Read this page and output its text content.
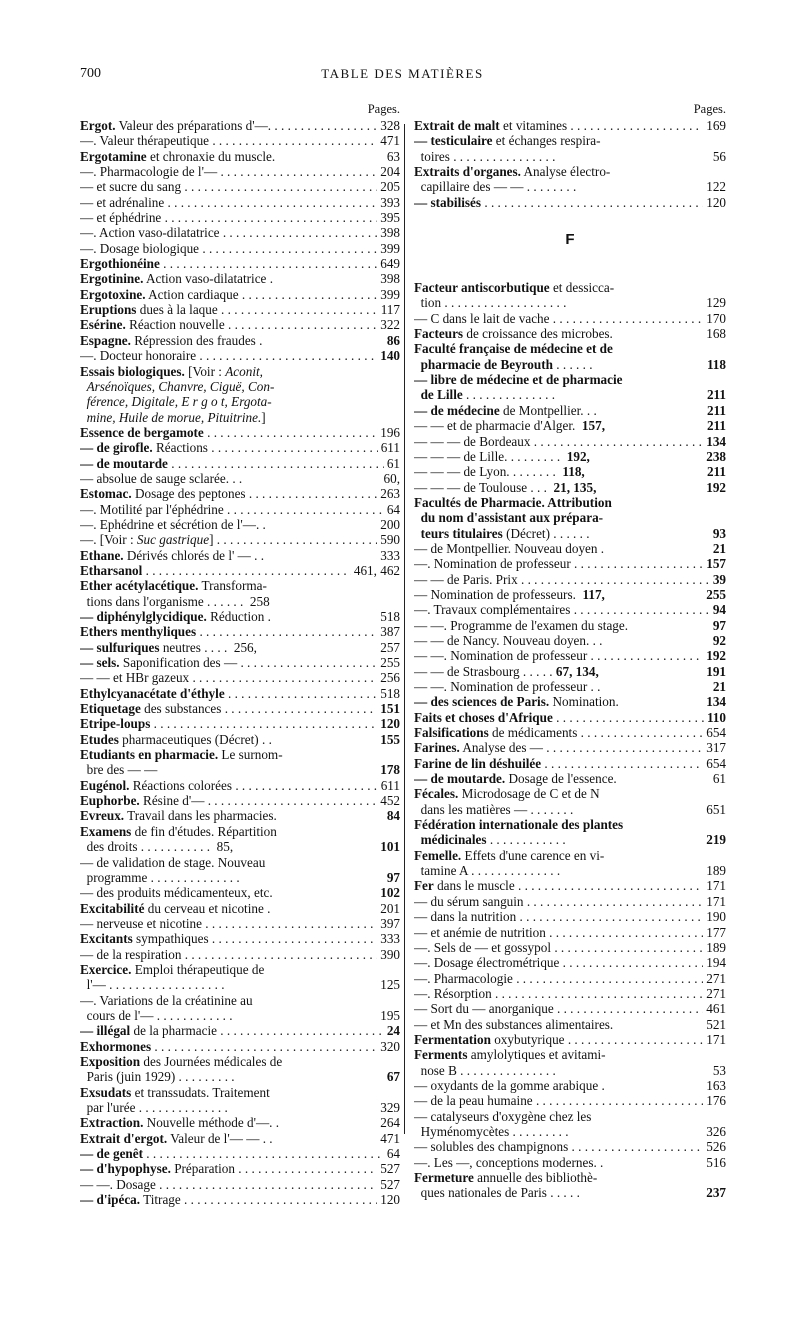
700	TABLE DES MATIÈRES
Pages.
Ergot. Valeur des préparations d'—. . . .	328
—. Valeur thérapeutique . . .	471
Ergotamine et chronaxie du muscle.	63
—. Pharmacologie de l'— . . .	204
— et sucre du sang . . .	205
— et adrénaline . . .	393
— et éphédrine . . .	395
—. Action vaso-dilatatrice . . .	398
—. Dosage biologique . . .	399
Ergothionéine . . .	649
Ergotinine. Action vaso-dilatatrice .	398
Ergotoxine. Action cardiaque . . .	399
Eruptions dues à la laque . . .	117
Esérine. Réaction nouvelle . . .	322
Espagne. Répression des fraudes .	86
—. Docteur honoraire . . .	140
Essais biologiques. [Voir : Aconit,
Arsénoïques, Chanvre, Ciguë, Con-
férence, Digitale, E r g o t, Ergota-
mine, Huile de morue, Pituitrine.]
Essence de bergamote . . .	196
— de girofle. Réactions . . .	611
— de moutarde . . .	61
— absolue de sauge sclarée. . .	60,
Estomac. Dosage des peptones . . .	263
—. Motilité par l'éphédrine . . .	64
—. Ephédrine et sécrétion de l'—. .	200
—. [Voir : Suc gastrique] . . .	590
Ethane. Dérivés chlorés de l' — . .	333
Etharsanol . . .	461, 462
Ether acétylacétique. Transforma-
tions dans l'organisme . . . . . .  258
— diphénylglycidique. Réduction .	518
Ethers menthyliques . . .	387
— sulfuriques neutres . . . .  256,	257
— sels. Saponification des — . . .	255
— — et HBr gazeux . . .	256
Ethylcyanacétate d'éthyle . . .	518
Etiquetage des substances . . .	151
Etripe-loups . . .	120
Etudes pharmaceutiques (Décret) . .	155
Etudiants en pharmacie. Le surnom-
bre des — —	178
Eugénol. Réactions colorées . . .	611
Euphorbe. Résine d'— . . .	452
Evreux. Travail dans les pharmacies.	84
Examens de fin d'études. Répartition
des droits . . . . . . . . . . .  85,	101
— de validation de stage. Nouveau
programme . . . . . . . . . . . . . .	97
— des produits médicamenteux, etc.	102
Excitabilité du cerveau et nicotine .	201
— nerveuse et nicotine . . .	397
Excitants sympathiques . . .	333
— de la respiration . . .	390
Exercice. Emploi thérapeutique de
l'— . . . . . . . . . . . . . . . . . .	125
—. Variations de la créatinine au
cours de l'— . . . . . . . . . . . .	195
— illégal de la pharmacie . . .	24
Exhormones . . .	320
Exposition des Journées médicales de
Paris (juin 1929) . . . . . . . . .	67
Exsudats et transsudats. Traitement
par l'urée . . . . . . . . . . . . . .	329
Extraction. Nouvelle méthode d'—. .	264
Extrait d'ergot. Valeur de l'— — . .	471
— de genêt . . .	64
— d'hypophyse. Préparation . . .	527
— —. Dosage . . .	527
— d'ipéca. Titrage . . .	120
Pages.
Extrait de malt et vitamines . . .	169
— testiculaire et échanges respira-
toires . . . . . . . . . . . . . . . .	56
Extraits d'organes. Analyse électro-
capillaire des — — . . . . . . . .	122
— stabilisés . . .	120
F
Facteur antiscorbutique et dessicca-
tion . . . . . . . . . . . . . . . . . . .	129
— C dans le lait de vache . . .	170
Facteurs de croissance des microbes.	168
Faculté française de médecine et de
pharmacie de Beyrouth . . . . . .	118
— libre de médecine et de pharmacie
de Lille . . . . . . . . . . . . . .	211
— de médecine de Montpellier. . .	211
— — et de pharmacie d'Alger.  157,	211
— — — de Bordeaux . . .	134
— — — de Lille. . . . . . . . .  192,	238
— — — de Lyon. . . . . . . .  118,	211
— — — de Toulouse . . .  21, 135,	192
Facultés de Pharmacie. Attribution
du nom d'assistant aux prépara-
teurs titulaires (Décret) . . . . . .	93
— de Montpellier. Nouveau doyen .	21
—. Nomination de professeur . . .	157
— — de Paris. Prix . . .	39
— Nomination de professeurs.  117,	255
—. Travaux complémentaires . . .	94
— —. Programme de l'examen du stage.	97
— — de Nancy. Nouveau doyen. . .	92
— —. Nomination de professeur . . .	192
— — de Strasbourg . . . . . 67, 134,	191
— —. Nomination de professeur . .	21
— des sciences de Paris. Nomination.	134
Faits et choses d'Afrique . . .	110
Falsifications de médicaments . . .	654
Farines. Analyse des — . . .	317
Farine de lin déshuilée . . .	654
— de moutarde. Dosage de l'essence.	61
Fécales. Microdosage de C et de N
dans les matières — . . . . . . .	651
Fédération internationale des plantes
médicinales . . . . . . . . . . . .	219
Femelle. Effets d'une carence en vi-
tamine A . . . . . . . . . . . . . .	189
Fer dans le muscle . . .	171
— du sérum sanguin . . .	171
— dans la nutrition . . .	190
— et anémie de nutrition . . .	177
—. Sels de — et gossypol . . .	189
—. Dosage électrométrique . . .	194
—. Pharmacologie . . .	271
—. Résorption . . .	271
— Sort du — anorganique . . .	461
— et Mn des substances alimentaires.	521
Fermentation oxybutyrique . . .	171
Ferments amylolytiques et avitami-
nose B . . . . . . . . . . . . . . .	53
— oxydants de la gomme arabique .	163
— de la peau humaine . . .	176
— catalyseurs d'oxygène chez les
Hyménomycètes . . . . . . . . .	326
— solubles des champignons . . .	526
—. Les —, conceptions modernes. .	516
Fermeture annuelle des bibliothè-
ques nationales de Paris . . . . .	237
